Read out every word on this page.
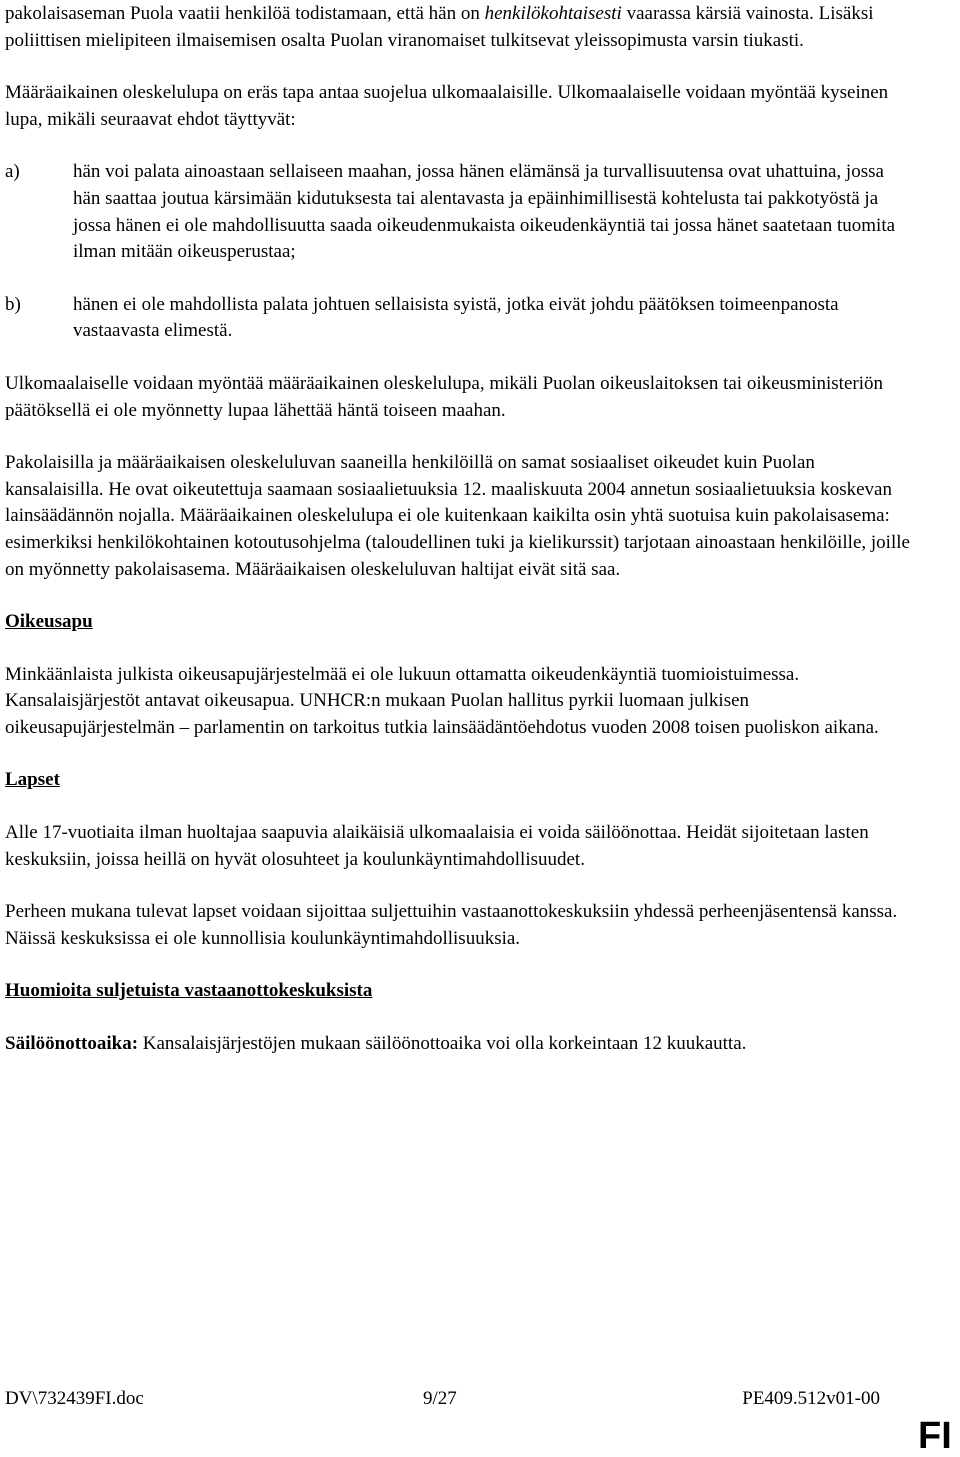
pakolaisaseman Puola vaatii henkilöä todistamaan, että hän on henkilökohtaisesti vaarassa kärsiä vainosta. Lisäksi poliittisen mielipiteen ilmaisemisen osalta Puolan viranomaiset tulkitsevat yleissopimusta varsin tiukasti.

Määräaikainen oleskelulupa on eräs tapa antaa suojelua ulkomaalaisille. Ulkomaalaiselle voidaan myöntää kyseinen lupa, mikäli seuraavat ehdot täyttyvät:

a)	hän voi palata ainoastaan sellaiseen maahan, jossa hänen elämänsä ja turvallisuutensa ovat uhattuina, jossa hän saattaa joutua kärsimään kidutuksesta tai alentavasta ja epäinhimillisestä kohtelusta tai pakkotyöstä ja jossa hänen ei ole mahdollisuutta saada oikeudenmukaista oikeudenkäyntiä tai jossa hänet saatetaan tuomita ilman mitään oikeusperustaa;
b)	hänen ei ole mahdollista palata johtuen sellaisista syistä, jotka eivät johdu päätöksen toimeenpanosta vastaavasta elimestä.

Ulkomaalaiselle voidaan myöntää määräaikainen oleskelulupa, mikäli Puolan oikeuslaitoksen tai oikeusministeriön päätöksellä ei ole myönnetty lupaa lähettää häntä toiseen maahan.

Pakolaisilla ja määräaikaisen oleskeluluvan saaneilla henkilöillä on samat sosiaaliset oikeudet kuin Puolan kansalaisilla. He ovat oikeutettuja saamaan sosiaalietuuksia 12. maaliskuuta 2004 annetun sosiaalietuuksia koskevan lainsäädännön nojalla. Määräaikainen oleskelulupa ei ole kuitenkaan kaikilta osin yhtä suotuisa kuin pakolaisasema: esimerkiksi henkilökohtainen kotoutusohjelma (taloudellinen tuki ja kielikurssit) tarjotaan ainoastaan henkilöille, joille on myönnetty pakolaisasema. Määräaikaisen oleskeluluvan haltijat eivät sitä saa.

Oikeusapu

Minkäänlaista julkista oikeusapujärjestelmää ei ole lukuun ottamatta oikeudenkäyntiä tuomioistuimessa. Kansalaisjärjestöt antavat oikeusapua. UNHCR:n mukaan Puolan hallitus pyrkii luomaan julkisen oikeusapujärjestelmän – parlamentin on tarkoitus tutkia lainsäädäntöehdotus vuoden 2008 toisen puoliskon aikana.

Lapset

Alle 17-vuotiaita ilman huoltajaa saapuvia alaikäisiä ulkomaalaisia ei voida säilöönottaa. Heidät sijoitetaan lasten keskuksiin, joissa heillä on hyvät olosuhteet ja koulunkäyntimahdollisuudet.

Perheen mukana tulevat lapset voidaan sijoittaa suljettuihin vastaanottokeskuksiin yhdessä perheenjäsentensä kanssa. Näissä keskuksissa ei ole kunnollisia koulunkäyntimahdollisuuksia.

Huomioita suljetuista vastaanottokeskuksista

Säilöönottoaika: Kansalaisjärjestöjen mukaan säilöönottoaika voi olla korkeintaan 12 kuukautta.

DV\732439FI.doc	9/27	PE409.512v01-00
FI
